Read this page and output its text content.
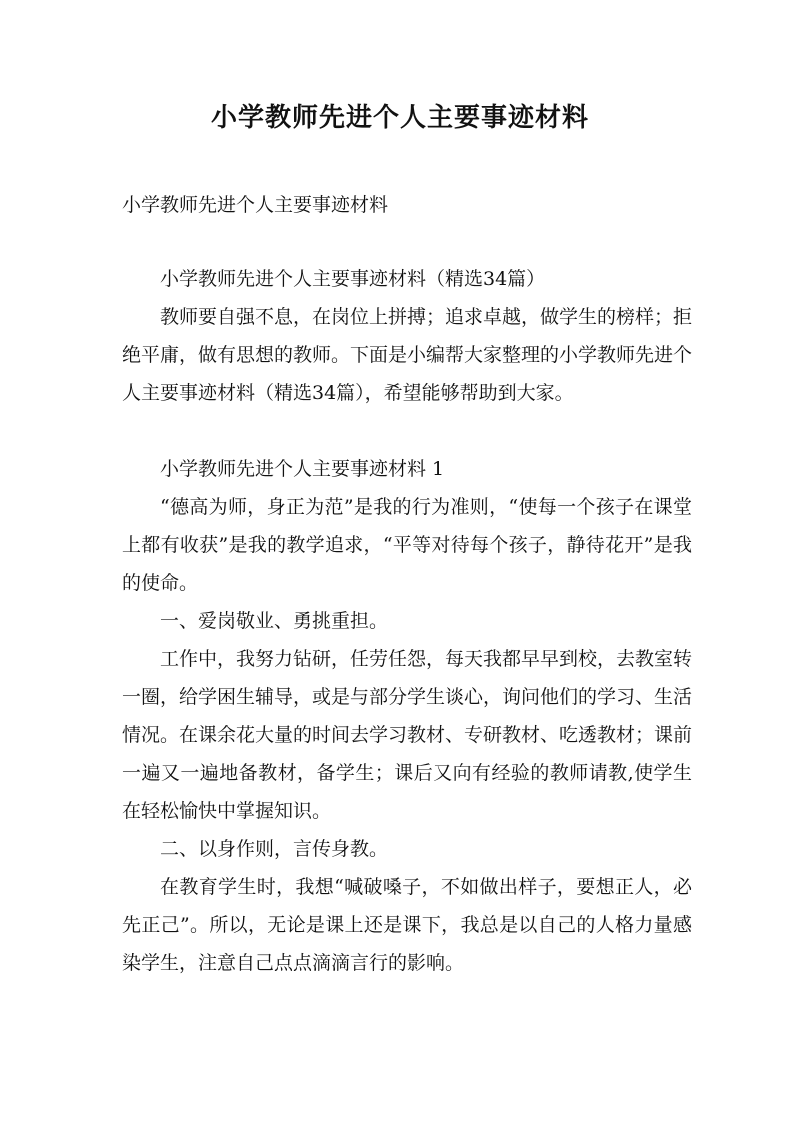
小学教师先进个人主要事迹材料

小学教师先进个人主要事迹材料

小学教师先进个人主要事迹材料（精选34篇）

教师要自强不息，在岗位上拼搏；追求卓越，做学生的榜样；拒绝平庸，做有思想的教师。下面是小编帮大家整理的小学教师先进个人主要事迹材料（精选34篇），希望能够帮助到大家。

小学教师先进个人主要事迹材料 1

“德高为师，身正为范”是我的行为准则，“使每一个孩子在课堂上都有收获”是我的教学追求，“平等对待每个孩子，静待花开”是我的使命。

一、爱岗敬业、勇挑重担。

工作中，我努力钻研，任劳任怨，每天我都早早到校，去教室转一圈，给学困生辅导，或是与部分学生谈心，询问他们的学习、生活情况。在课余花大量的时间去学习教材、专研教材、吃透教材；课前一遍又一遍地备教材，备学生；课后又向有经验的教师请教,使学生在轻松愉快中掌握知识。

二、以身作则，言传身教。

在教育学生时，我想“喊破嗓子，不如做出样子，要想正人，必先正己”。所以，无论是课上还是课下，我总是以自己的人格力量感染学生，注意自己点点滴滴言行的影响。
